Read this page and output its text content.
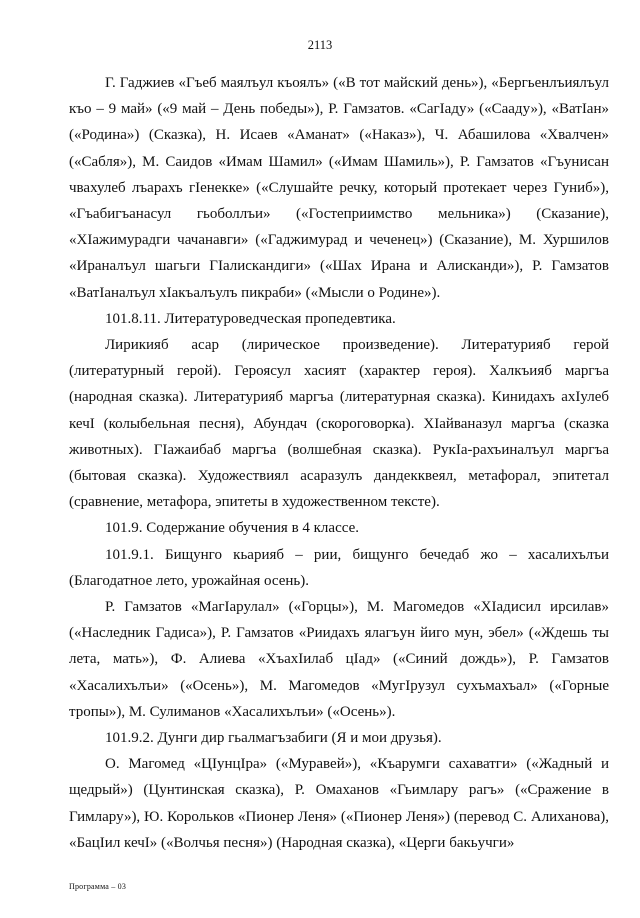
2113

Г. Гаджиев «Гъеб маялъул къоялъ» («В тот майский день»), «Бергьенлъиялъул къо – 9 май» («9 май – День победы»), Р. Гамзатов. «СагIаду» («Сааду»), «ВатIан» («Родина») (Сказка), Н. Исаев «Аманат» («Наказ»), Ч. Абашилова «Хвалчен» («Сабля»), М. Саидов «Имам Шамил» («Имам Шамиль»), Р. Гамзатов «Гъунисан чвахулеб лъарахъ гIенекке» («Слушайте речку, который протекает через Гуниб»), «Гъабигъанасул гьоболлъи» («Гостеприимство мельника») (Сказание), «ХIажимурадги чачанавги» («Гаджимурад и чеченец») (Сказание), М. Хуршилов «Ираналъул шагьги ГIалискандиги» («Шах Ирана и Алисканди»), Р. Гамзатов «ВатIаналъул хIакъалъулъ пикраби» («Мысли о Родине»).

101.8.11. Литературоведческая пропедевтика.

Лирикияб асар (лирическое произведение). Литературияб герой (литературный герой). Героясул хасият (характер героя). Халкъияб маргъа (народная сказка). Литературияб маргъа (литературная сказка). Кинидахъ ахIулеб кечI (колыбельная песня), Абундач (скороговорка). ХIайваназул маргъа (сказка животных). ГIажаибаб маргъа (волшебная сказка). РукIа-рахъиналъул маргъа (бытовая сказка). Художествиял асаразулъ дандекквеял, метафорал, эпитетал (сравнение, метафора, эпитеты в художественном тексте).

101.9. Содержание обучения в 4 классе.

101.9.1. Бищунго кьарияб – рии, бищунго бечедаб жо – хасалихълъи (Благодатное лето, урожайная осень).

Р. Гамзатов «МагIарулал» («Горцы»), М. Магомедов «ХIадисил ирсилав» («Наследник Гадиса»), Р. Гамзатов «Риидахъ ялагъун йиго мун, эбел» («Ждешь ты лета, мать»), Ф. Алиева «ХъахIилаб цIад» («Синий дождь»), Р. Гамзатов «Хасалихълъи» («Осень»), М. Магомедов «МугIрузул сухъмахъал» («Горные тропы»), М. Сулиманов «Хасалихълъи» («Осень»).

101.9.2. Дунги дир гьалмагъзабиги (Я и мои друзья).

О. Магомед «ЦIунцIра» («Муравей»), «Къарумги сахаватги» («Жадный и щедрый») (Цунтинская сказка), Р. Омаханов «Гьимлару рагъ» («Сражение в Гимлару»), Ю. Корольков «Пионер Леня» («Пионер Леня») (перевод С. Алиханова), «БацIил кечI» («Волчья песня») (Народная сказка), «Церги бакьучги»

Программа – 03
